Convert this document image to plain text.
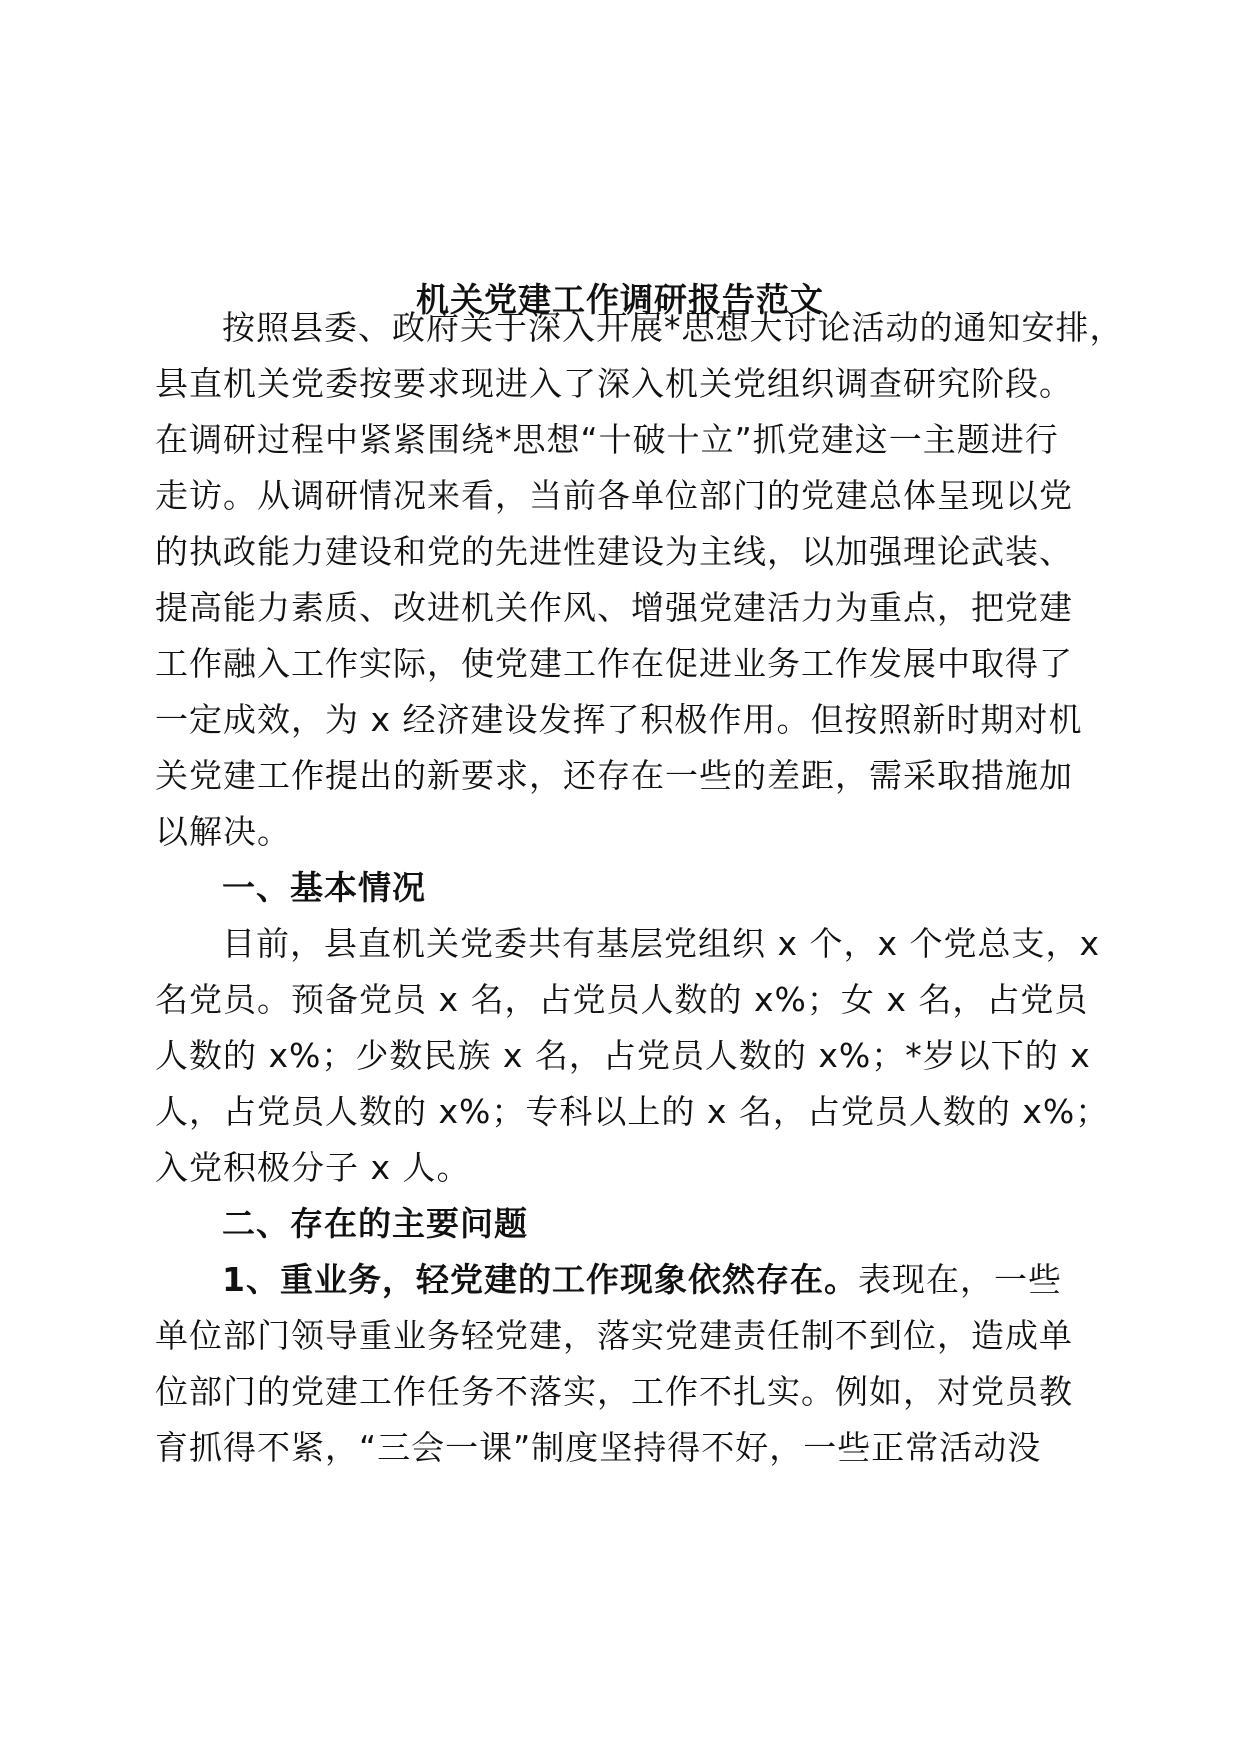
机关党建工作调研报告范文
按照县委、政府关于深入开展*思想大讨论活动的通知安排，
县直机关党委按要求现进入了深入机关党组织调查研究阶段。
在调研过程中紧紧围绕*思想“十破十立”抓党建这一主题进行
走访。从调研情况来看，当前各单位部门的党建总体呈现以党
的执政能力建设和党的先进性建设为主线，以加强理论武装、
提高能力素质、改进机关作风、增强党建活力为重点，把党建
工作融入工作实际，使党建工作在促进业务工作发展中取得了
一定成效，为 x 经济建设发挥了积极作用。但按照新时期对机
关党建工作提出的新要求，还存在一些的差距，需采取措施加
以解决。
一、基本情况
目前，县直机关党委共有基层党组织 x 个，x 个党总支，x
名党员。预备党员 x 名，占党员人数的 x%；女 x 名，占党员
人数的 x%；少数民族 x 名，占党员人数的 x%；*岁以下的 x
人，占党员人数的 x%；专科以上的 x 名，占党员人数的 x%；
入党积极分子 x 人。
二、存在的主要问题
1、重业务，轻党建的工作现象依然存在。表现在，一些
单位部门领导重业务轻党建，落实党建责任制不到位，造成单
位部门的党建工作任务不落实，工作不扎实。例如，对党员教
育抓得不紧，“三会一课”制度坚持得不好，一些正常活动没
